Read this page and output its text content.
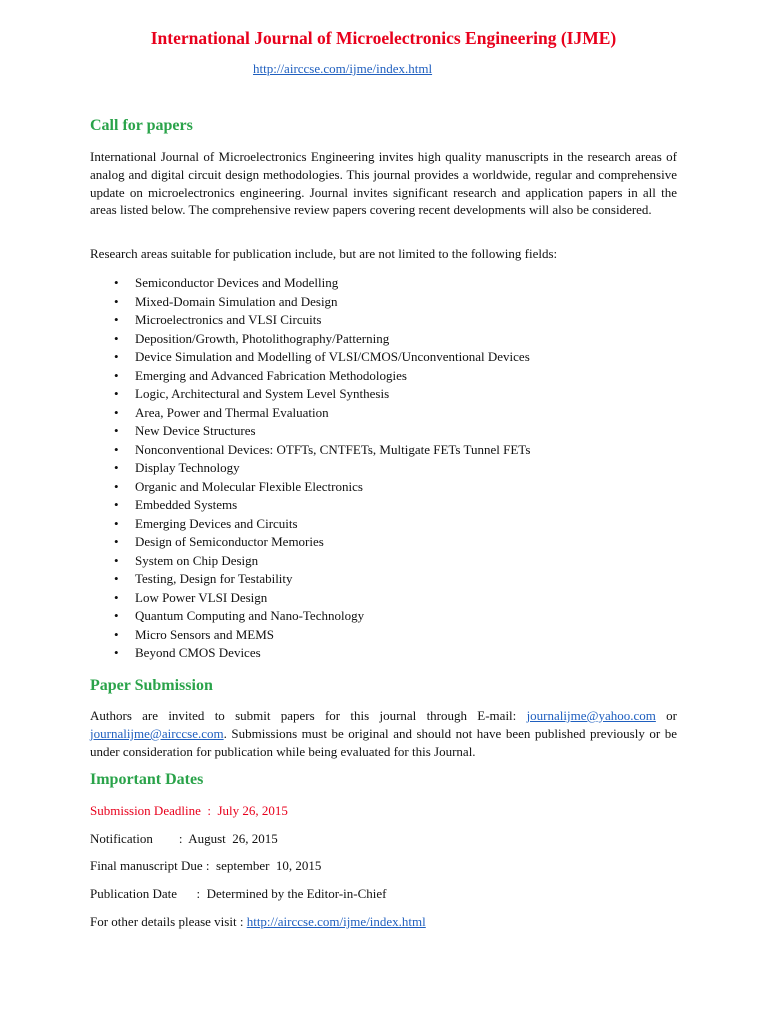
International Journal of Microelectronics Engineering (IJME)
http://airccse.com/ijme/index.html
Call for papers
International Journal of Microelectronics Engineering invites high quality manuscripts in the research areas of analog and digital circuit design methodologies. This journal provides a worldwide, regular and comprehensive update on microelectronics engineering. Journal invites significant research and application papers in all the areas listed below. The comprehensive review papers covering recent developments will also be considered.
Research areas suitable for publication include, but are not limited to the following fields:
• Semiconductor Devices and Modelling
• Mixed-Domain Simulation and Design
• Microelectronics and VLSI Circuits
• Deposition/Growth, Photolithography/Patterning
• Device Simulation and Modelling of VLSI/CMOS/Unconventional Devices
• Emerging and Advanced Fabrication Methodologies
• Logic, Architectural and System Level Synthesis
• Area, Power and Thermal Evaluation
• New Device Structures
• Nonconventional Devices: OTFTs, CNTFETs, Multigate FETs Tunnel FETs
• Display Technology
• Organic and Molecular Flexible Electronics
• Embedded Systems
• Emerging Devices and Circuits
• Design of Semiconductor Memories
• System on Chip Design
• Testing, Design for Testability
• Low Power VLSI Design
• Quantum Computing and Nano-Technology
• Micro Sensors and MEMS
• Beyond CMOS Devices
Paper Submission
Authors are invited to submit papers for this journal through E-mail: journalijme@yahoo.com or journalijme@airccse.com. Submissions must be original and should not have been published previously or be under consideration for publication while being evaluated for this Journal.
Important Dates
Submission Deadline  :  July 26, 2015
Notification        :  August  26, 2015
Final manuscript Due :  september  10, 2015
Publication Date      :  Determined by the Editor-in-Chief
For other details please visit : http://airccse.com/ijme/index.html
